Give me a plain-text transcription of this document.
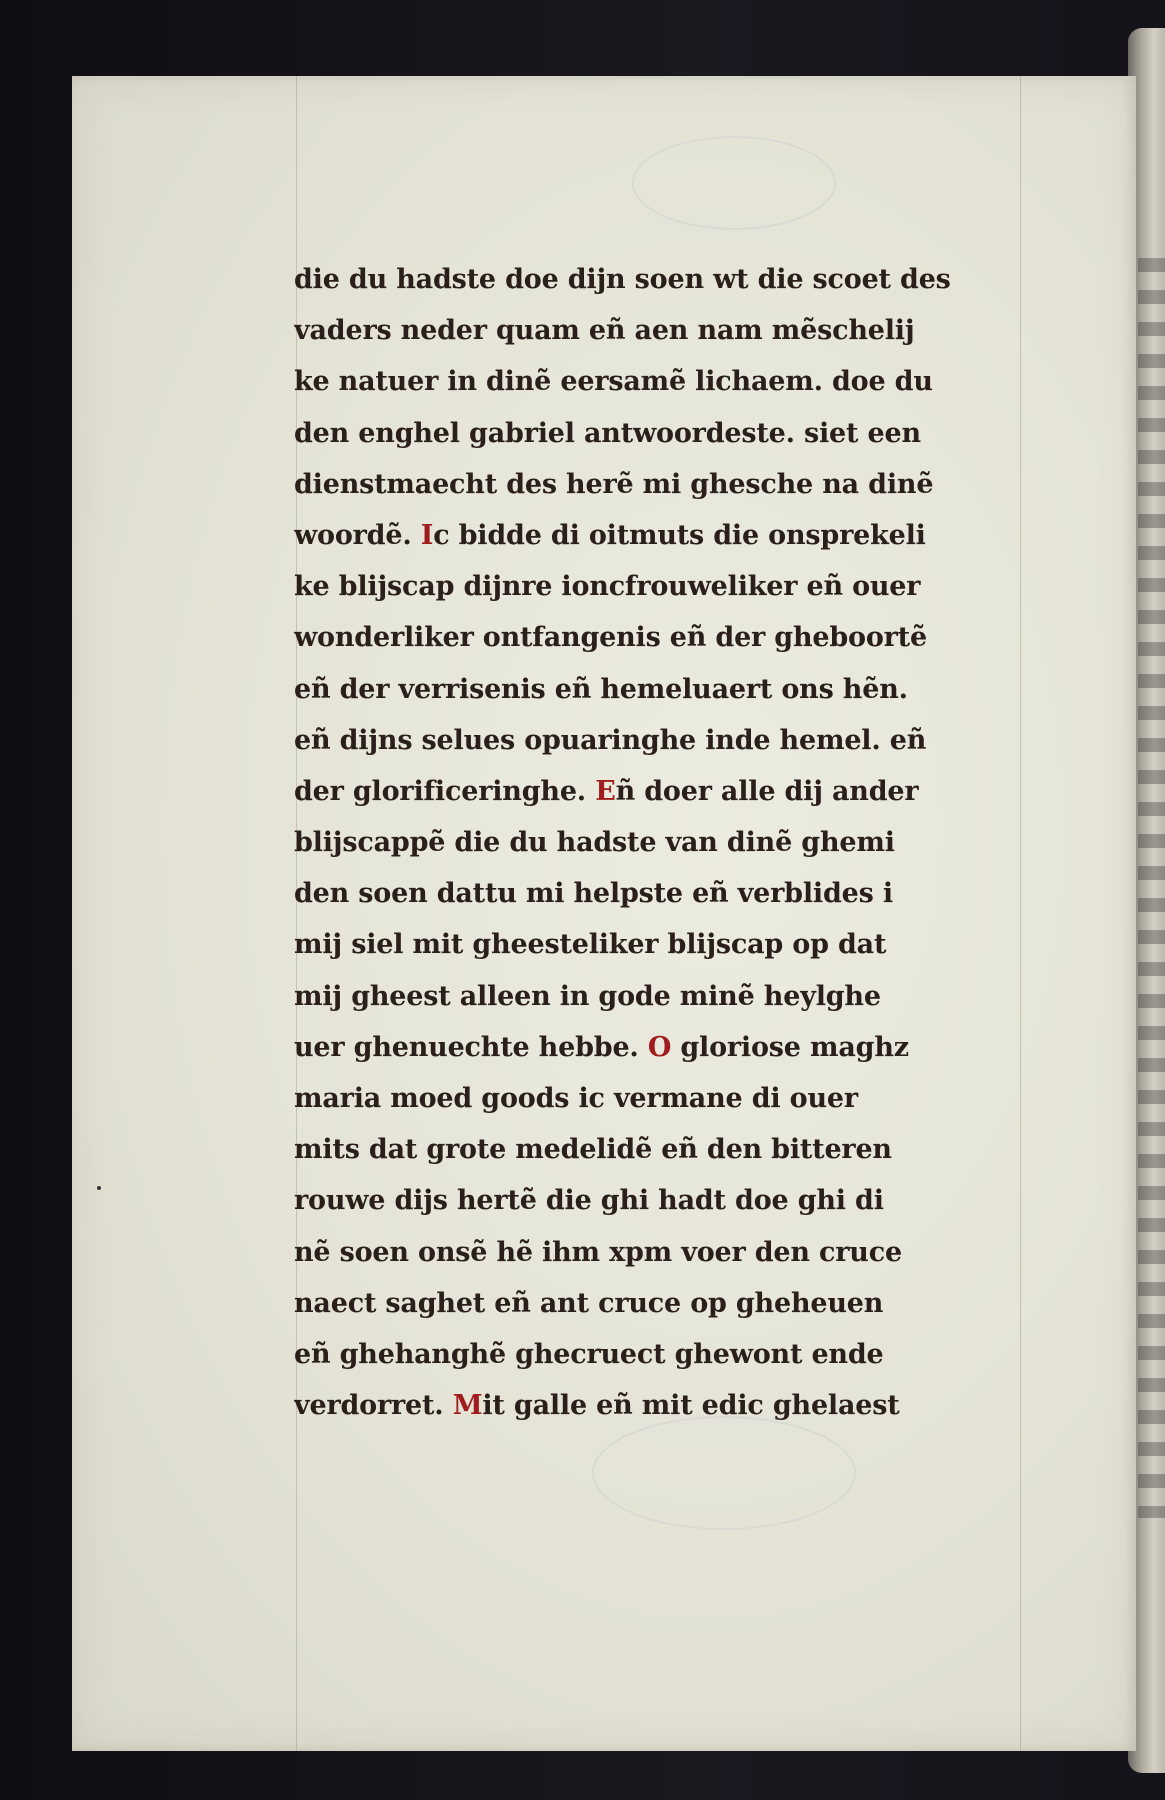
die du hadste doe dijn soen wt die scoet des
vaders neder quam eñ aen nam mẽschelij
ke natuer in dinẽ eersamẽ lichaem. doe du
den enghel gabriel antwoordeste. siet een
dienstmaecht des herẽ mi ghesche na dinẽ
woordẽ. Ic bidde di oitmuts die onsprekeli
ke blijscap dijnre ioncfrouweliker eñ ouer
wonderliker ontfangenis eñ der gheboortẽ
eñ der verrisenis eñ hemeluaert ons hẽn.
eñ dijns selues opuaringhe inde hemel. eñ
der glorificeringhe. Eñ doer alle dij ander
blijscappẽ die du hadste van dinẽ ghemi
den soen dattu mi helpste eñ verblides i
mij siel mit gheesteliker blijscap op dat
mij gheest alleen in gode minẽ heylghe
uer ghenuechte hebbe. O gloriose maghz
maria moed goods ic vermane di ouer
mits dat grote medelidẽ eñ den bitteren
rouwe dijs hertẽ die ghi hadt doe ghi di
nẽ soen onsẽ hẽ ihm xpm voer den cruce
naect saghet eñ ant cruce op gheheuen
eñ ghehanghẽ ghecruect ghewont ende
verdorret. Mit galle eñ mit edic ghelaest
